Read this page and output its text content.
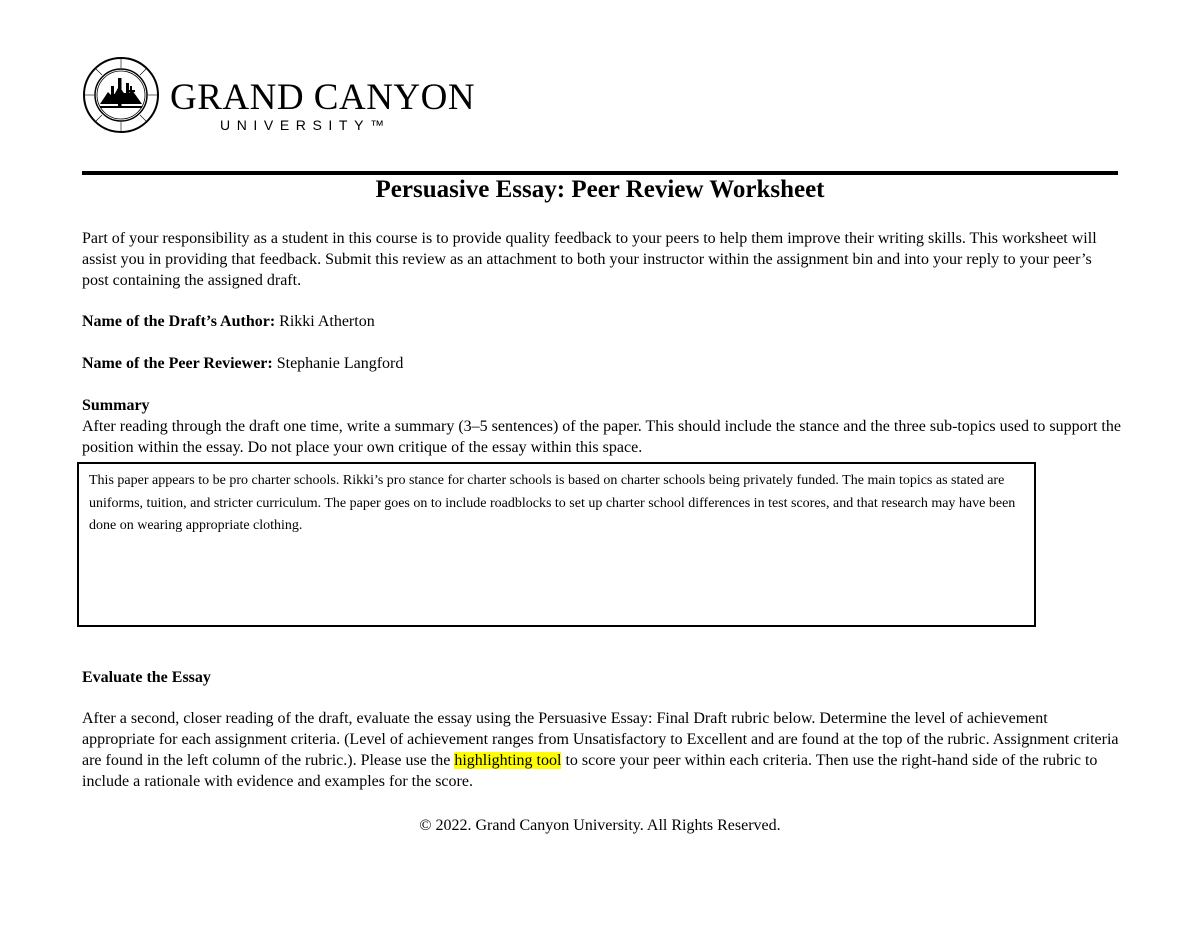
GRAND CANYON
UNIVERSITY™
Persuasive Essay: Peer Review Worksheet

Part of your responsibility as a student in this course is to provide quality feedback to your peers to help them improve their writing skills. This worksheet will assist you in providing that feedback. Submit this review as an attachment to both your instructor within the assignment bin and into your reply to your peer’s post containing the assigned draft.

Name of the Draft’s Author: Rikki Atherton

Name of the Peer Reviewer: Stephanie Langford

Summary

After reading through the draft one time, write a summary (3–5 sentences) of the paper. This should include the stance and the three sub-topics used to support the position within the essay. Do not place your own critique of the essay within this space.

This paper appears to be pro charter schools. Rikki’s pro stance for charter schools is based on charter schools being privately funded. The main topics as stated are uniforms, tuition, and stricter curriculum. The paper goes on to include roadblocks to set up charter school differences in test scores, and that research may have been done on wearing appropriate clothing.

Evaluate the Essay

After a second, closer reading of the draft, evaluate the essay using the Persuasive Essay: Final Draft rubric below. Determine the level of achievement appropriate for each assignment criteria. (Level of achievement ranges from Unsatisfactory to Excellent and are found at the top of the rubric. Assignment criteria are found in the left column of the rubric.). Please use the highlighting tool to score your peer within each criteria. Then use the right-hand side of the rubric to include a rationale with evidence and examples for the score.

© 2022. Grand Canyon University. All Rights Reserved.
